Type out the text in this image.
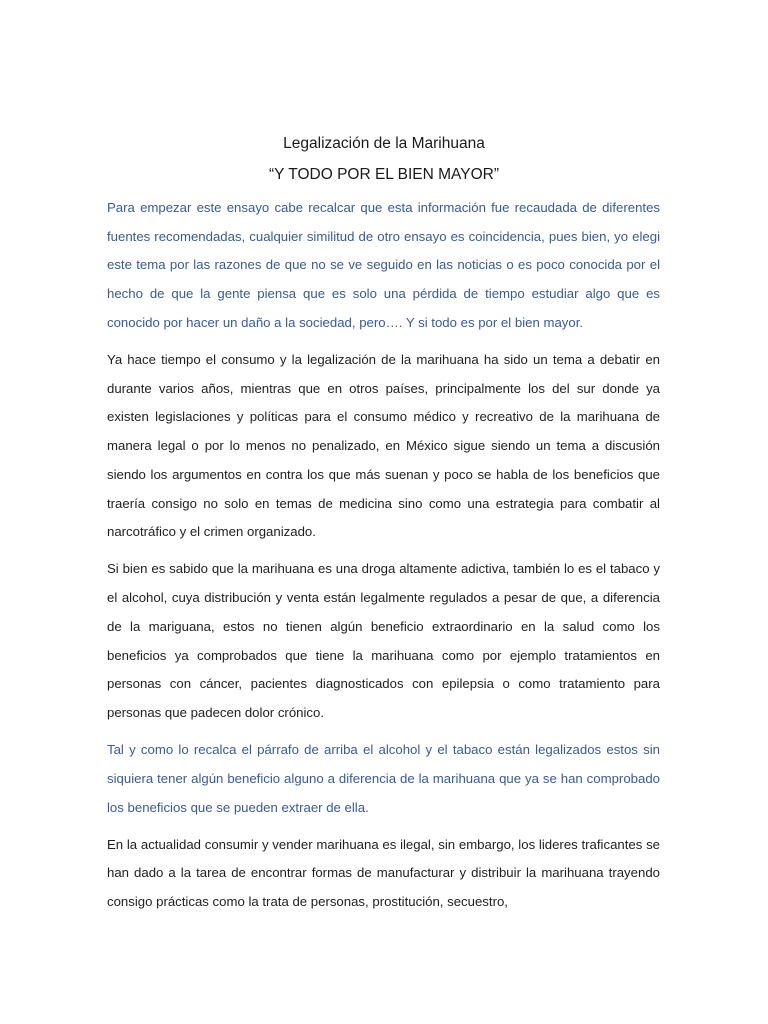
Legalización de la Marihuana
“Y TODO POR EL BIEN MAYOR”

Para empezar este ensayo cabe recalcar que esta información fue recaudada de diferentes fuentes recomendadas, cualquier similitud de otro ensayo es coincidencia, pues bien, yo elegi este tema por las razones de que no se ve seguido en las noticias o es poco conocida por el hecho de que la gente piensa que es solo una pérdida de tiempo estudiar algo que es conocido por hacer un daño a la sociedad, pero…. Y si todo es por el bien mayor.

Ya hace tiempo el consumo y la legalización de la marihuana ha sido un tema a debatir en durante varios años, mientras que en otros países, principalmente los del sur donde ya existen legislaciones y políticas para el consumo médico y recreativo de la marihuana de manera legal o por lo menos no penalizado, en México sigue siendo un tema a discusión siendo los argumentos en contra los que más suenan y poco se habla de los beneficios que traería consigo no solo en temas de medicina sino como una estrategia para combatir al narcotráfico y el crimen organizado.

Si bien es sabido que la marihuana es una droga altamente adictiva, también lo es el tabaco y el alcohol, cuya distribución y venta están legalmente regulados a pesar de que, a diferencia de la mariguana, estos no tienen algún beneficio extraordinario en la salud como los beneficios ya comprobados que tiene la marihuana como por ejemplo tratamientos en personas con cáncer, pacientes diagnosticados con epilepsia o como tratamiento para personas que padecen dolor crónico.

Tal y como lo recalca el párrafo de arriba el alcohol y el tabaco están legalizados estos sin siquiera tener algún beneficio alguno a diferencia de la marihuana que ya se han comprobado los beneficios que se pueden extraer de ella.

En la actualidad consumir y vender marihuana es ilegal, sin embargo, los lideres traficantes se han dado a la tarea de encontrar formas de manufacturar y distribuir la marihuana trayendo consigo prácticas como la trata de personas, prostitución, secuestro,
